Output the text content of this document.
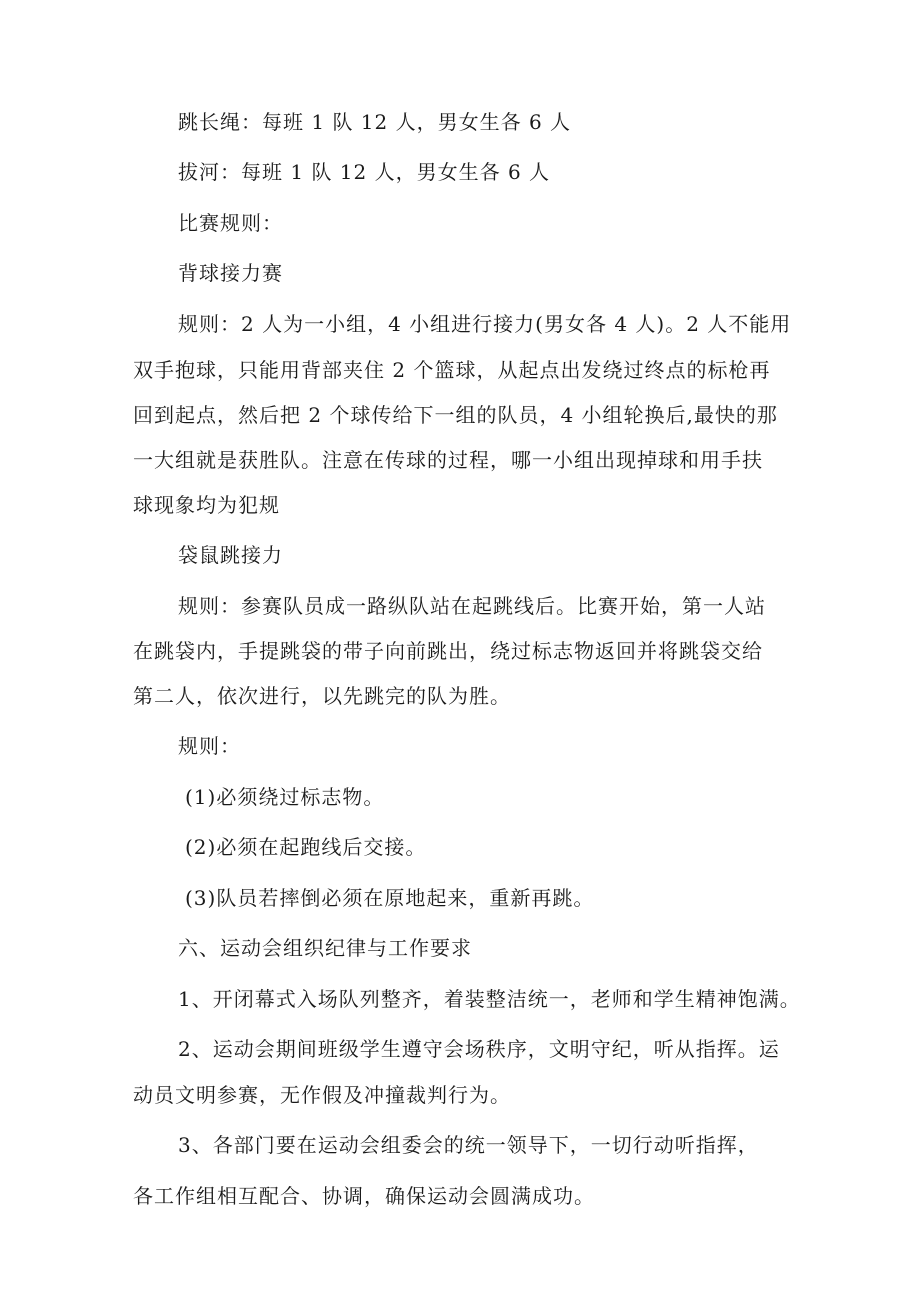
跳长绳：每班 1 队 12 人，男女生各 6 人
拔河：每班 1 队 12 人，男女生各 6 人
比赛规则：
背球接力赛
规则：2 人为一小组，4 小组进行接力(男女各 4 人)。2 人不能用
双手抱球，只能用背部夹住 2 个篮球，从起点出发绕过终点的标枪再
回到起点，然后把 2 个球传给下一组的队员，4 小组轮换后,最快的那
一大组就是获胜队。注意在传球的过程，哪一小组出现掉球和用手扶
球现象均为犯规
袋鼠跳接力
规则：参赛队员成一路纵队站在起跳线后。比赛开始，第一人站
在跳袋内，手提跳袋的带子向前跳出，绕过标志物返回并将跳袋交给
第二人，依次进行，以先跳完的队为胜。
规则：
(1)必须绕过标志物。
(2)必须在起跑线后交接。
(3)队员若摔倒必须在原地起来，重新再跳。
六、运动会组织纪律与工作要求
1、开闭幕式入场队列整齐，着装整洁统一，老师和学生精神饱满。
2、运动会期间班级学生遵守会场秩序，文明守纪，听从指挥。运
动员文明参赛，无作假及冲撞裁判行为。
3、各部门要在运动会组委会的统一领导下，一切行动听指挥，
各工作组相互配合、协调，确保运动会圆满成功。
